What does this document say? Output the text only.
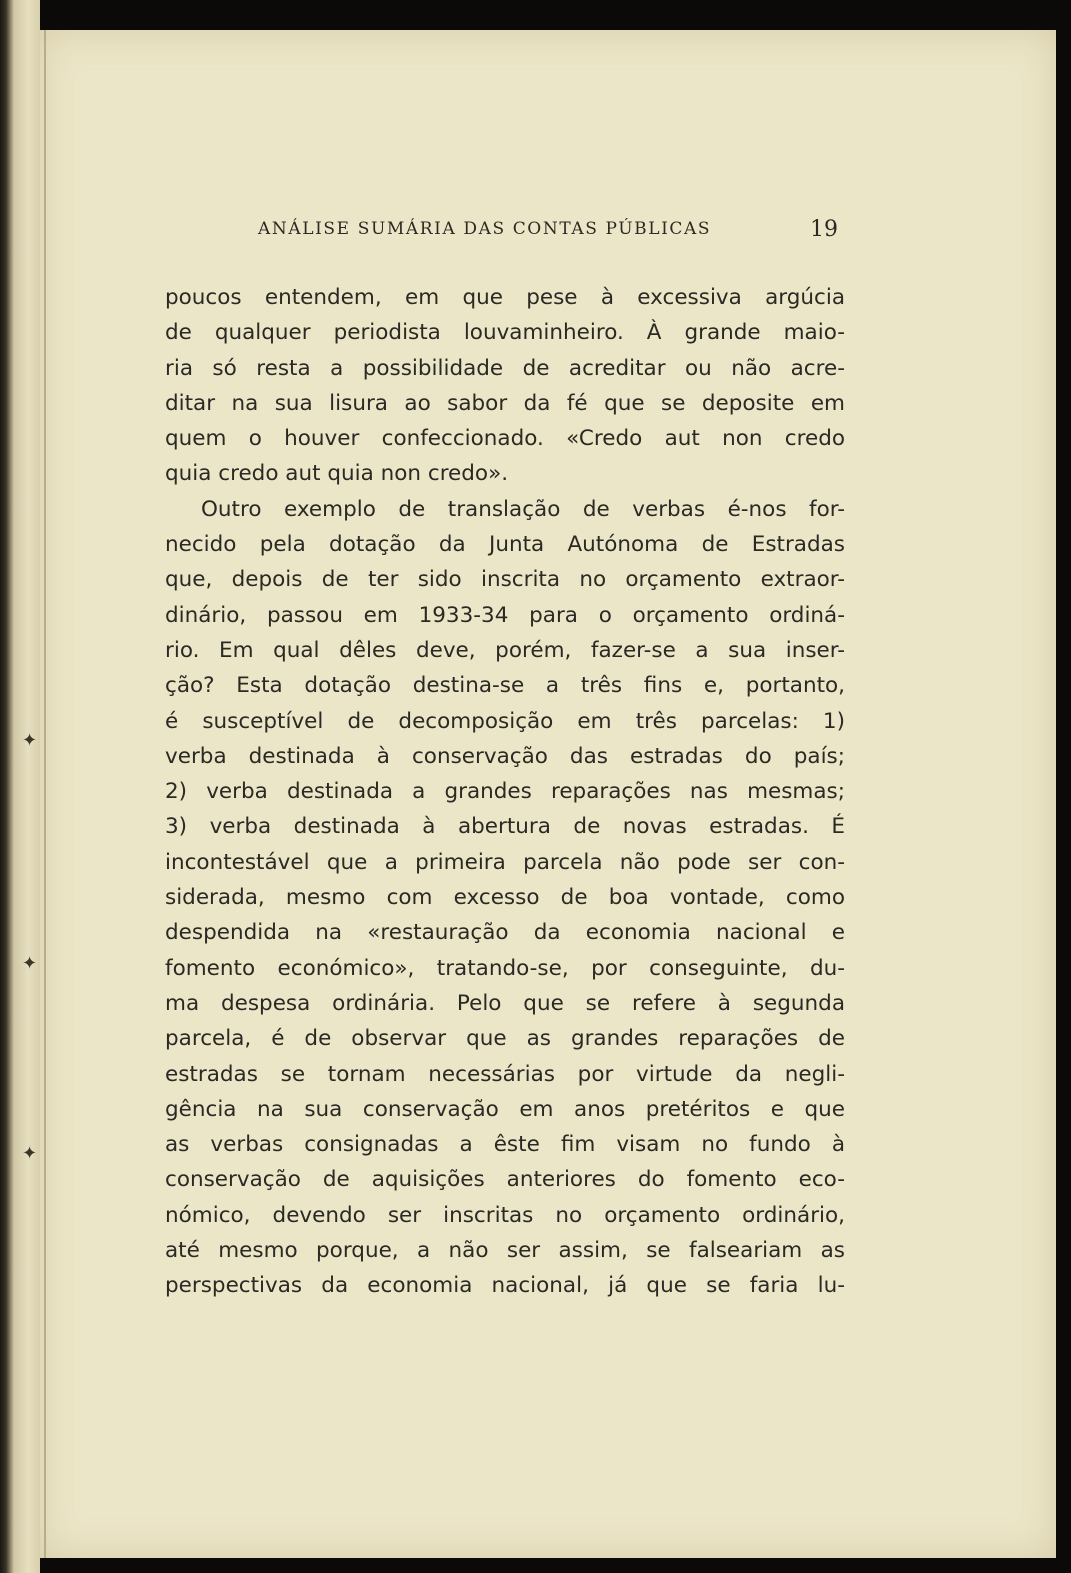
✦
✦
✦
ANÁLISE SUMÁRIA DAS CONTAS PÚBLICAS	19
poucos entendem, em que pese à excessiva argúcia
de qualquer periodista louvaminheiro. À grande maio-
ria só resta a possibilidade de acreditar ou não acre-
ditar na sua lisura ao sabor da fé que se deposite em
quem o houver confeccionado. «Credo aut non credo
quia credo aut quia non credo».
Outro exemplo de translação de verbas é-nos for-
necido pela dotação da Junta Autónoma de Estradas
que, depois de ter sido inscrita no orçamento extraor-
dinário, passou em 1933-34 para o orçamento ordiná-
rio. Em qual dêles deve, porém, fazer-se a sua inser-
ção? Esta dotação destina-se a três fins e, portanto,
é susceptível de decomposição em três parcelas: 1)
verba destinada à conservação das estradas do país;
2) verba destinada a grandes reparações nas mesmas;
3) verba destinada à abertura de novas estradas. É
incontestável que a primeira parcela não pode ser con-
siderada, mesmo com excesso de boa vontade, como
despendida na «restauração da economia nacional e
fomento económico», tratando-se, por conseguinte, du-
ma despesa ordinária. Pelo que se refere à segunda
parcela, é de observar que as grandes reparações de
estradas se tornam necessárias por virtude da negli-
gência na sua conservação em anos pretéritos e que
as verbas consignadas a êste fim visam no fundo à
conservação de aquisições anteriores do fomento eco-
nómico, devendo ser inscritas no orçamento ordinário,
até mesmo porque, a não ser assim, se falseariam as
perspectivas da economia nacional, já que se faria lu-
